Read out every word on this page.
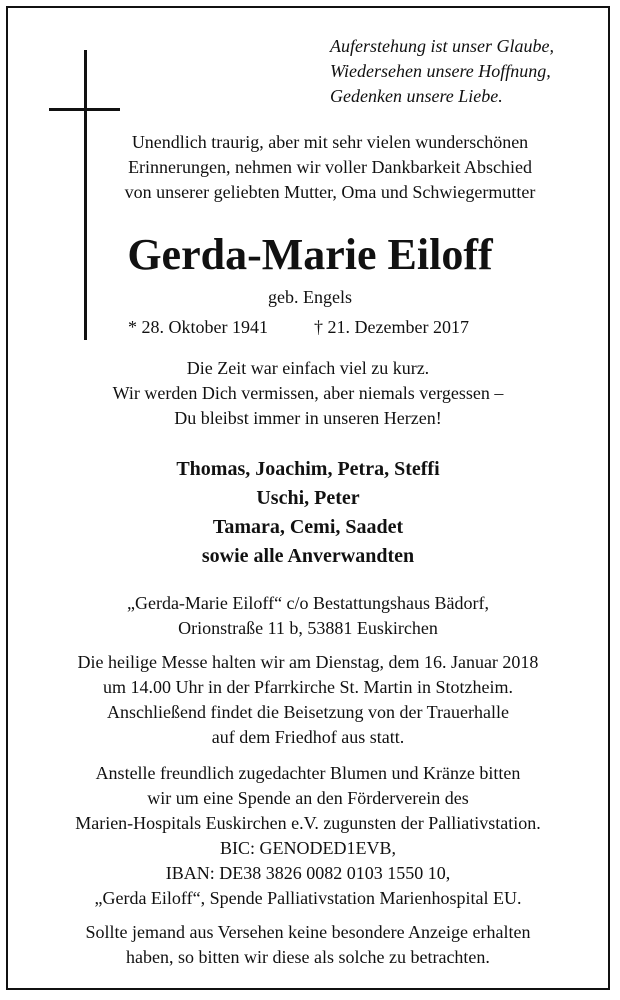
Auferstehung ist unser Glaube,
Wiedersehen unsere Hoffnung,
Gedenken unsere Liebe.
Unendlich traurig, aber mit sehr vielen wunderschönen
Erinnerungen, nehmen wir voller Dankbarkeit Abschied
von unserer geliebten Mutter, Oma und Schwiegermutter
Gerda-Marie Eiloff
geb. Engels
* 28. Oktober 1941	† 21. Dezember 2017
Die Zeit war einfach viel zu kurz.
Wir werden Dich vermissen, aber niemals vergessen –
Du bleibst immer in unseren Herzen!
Thomas, Joachim, Petra, Steffi
Uschi, Peter
Tamara, Cemi, Saadet
sowie alle Anverwandten
„Gerda-Marie Eiloff“ c/o Bestattungshaus Bädorf,
Orionstraße 11 b, 53881 Euskirchen
Die heilige Messe halten wir am Dienstag, dem 16. Januar 2018
um 14.00 Uhr in der Pfarrkirche St. Martin in Stotzheim.
Anschließend findet die Beisetzung von der Trauerhalle
auf dem Friedhof aus statt.
Anstelle freundlich zugedachter Blumen und Kränze bitten
wir um eine Spende an den Förderverein des
Marien-Hospitals Euskirchen e.V. zugunsten der Palliativstation.
BIC: GENODED1EVB,
IBAN: DE38 3826 0082 0103 1550 10,
„Gerda Eiloff“, Spende Palliativstation Marienhospital EU.
Sollte jemand aus Versehen keine besondere Anzeige erhalten
haben, so bitten wir diese als solche zu betrachten.
